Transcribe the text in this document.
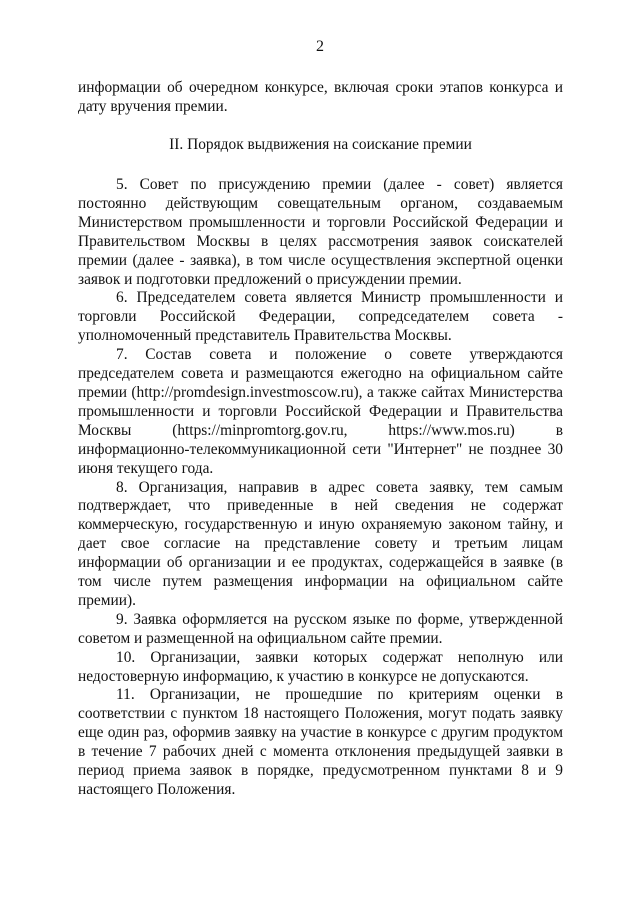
2

информации об очередном конкурсе, включая сроки этапов конкурса и дату вручения премии.

II. Порядок выдвижения на соискание премии

5. Совет по присуждению премии (далее - совет) является постоянно действующим совещательным органом, создаваемым Министерством промышленности и торговли Российской Федерации и Правительством Москвы в целях рассмотрения заявок соискателей премии (далее - заявка), в том числе осуществления экспертной оценки заявок и подготовки предложений о присуждении премии.

6. Председателем совета является Министр промышленности и торговли Российской Федерации, сопредседателем совета - уполномоченный представитель Правительства Москвы.

7. Состав совета и положение о совете утверждаются председателем совета и размещаются ежегодно на официальном сайте премии (http://promdesign.investmoscow.ru), а также сайтах Министерства промышленности и торговли Российской Федерации и Правительства Москвы (https://minpromtorg.gov.ru, https://www.mos.ru) в информационно-телекоммуникационной сети "Интернет" не позднее 30 июня текущего года.

8. Организация, направив в адрес совета заявку, тем самым подтверждает, что приведенные в ней сведения не содержат коммерческую, государственную и иную охраняемую законом тайну, и дает свое согласие на представление совету и третьим лицам информации об организации и ее продуктах, содержащейся в заявке (в том числе путем размещения информации на официальном сайте премии).

9. Заявка оформляется на русском языке по форме, утвержденной советом и размещенной на официальном сайте премии.

10. Организации, заявки которых содержат неполную или недостоверную информацию, к участию в конкурсе не допускаются.

11. Организации, не прошедшие по критериям оценки в соответствии с пунктом 18 настоящего Положения, могут подать заявку еще один раз, оформив заявку на участие в конкурсе с другим продуктом в течение 7 рабочих дней с момента отклонения предыдущей заявки в период приема заявок в порядке, предусмотренном пунктами 8 и 9 настоящего Положения.
